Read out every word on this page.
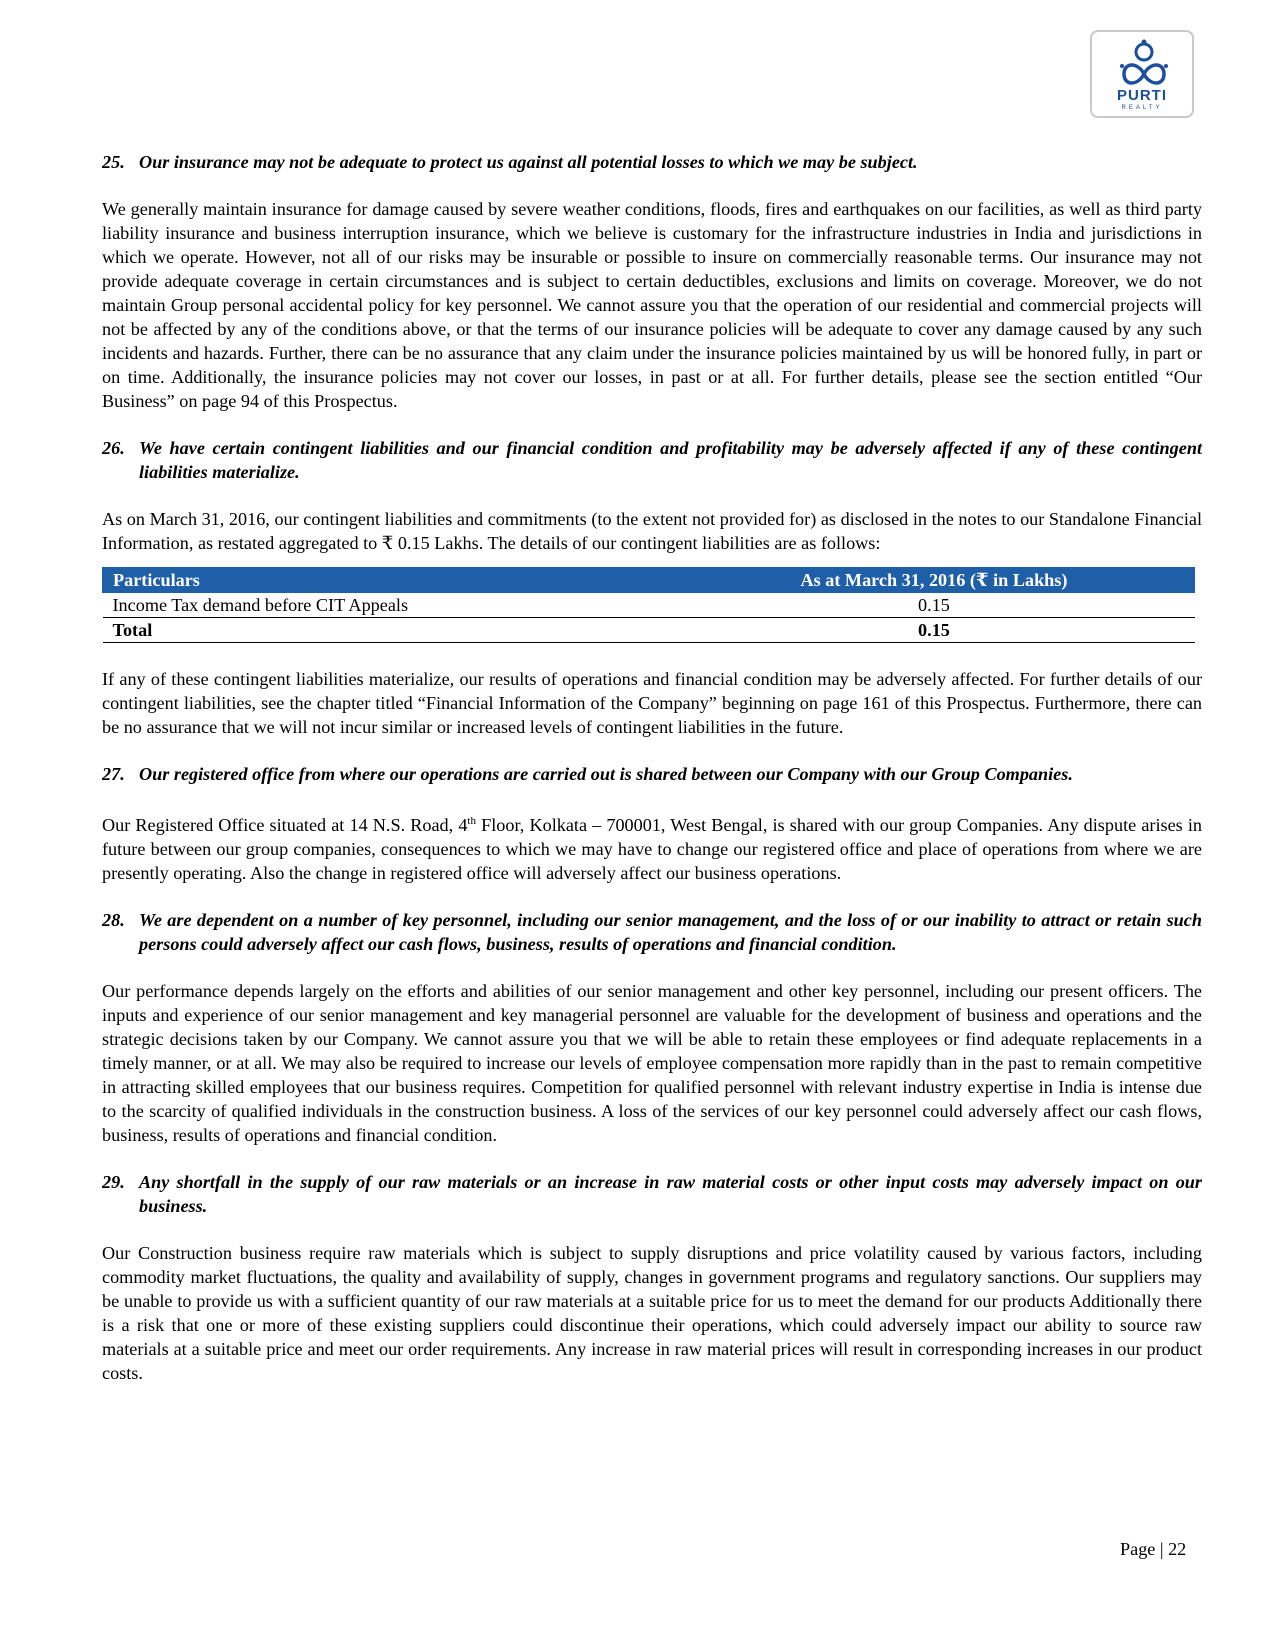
PURTI
REALTY
25. Our insurance may not be adequate to protect us against all potential losses to which we may be subject.

We generally maintain insurance for damage caused by severe weather conditions, floods, fires and earthquakes on our facilities, as well as third party liability insurance and business interruption insurance, which we believe is customary for the infrastructure industries in India and jurisdictions in which we operate. However, not all of our risks may be insurable or possible to insure on commercially reasonable terms. Our insurance may not provide adequate coverage in certain circumstances and is subject to certain deductibles, exclusions and limits on coverage. Moreover, we do not maintain Group personal accidental policy for key personnel. We cannot assure you that the operation of our residential and commercial projects will not be affected by any of the conditions above, or that the terms of our insurance policies will be adequate to cover any damage caused by any such incidents and hazards. Further, there can be no assurance that any claim under the insurance policies maintained by us will be honored fully, in part or on time. Additionally, the insurance policies may not cover our losses, in past or at all. For further details, please see the section entitled “Our Business” on page 94 of this Prospectus.

26. We have certain contingent liabilities and our financial condition and profitability may be adversely affected if any of these contingent liabilities materialize.

As on March 31, 2016, our contingent liabilities and commitments (to the extent not provided for) as disclosed in the notes to our Standalone Financial Information, as restated aggregated to ₹ 0.15 Lakhs. The details of our contingent liabilities are as follows:

Particulars	As at March 31, 2016 (₹ in Lakhs)
Income Tax demand before CIT Appeals	0.15
Total	0.15

If any of these contingent liabilities materialize, our results of operations and financial condition may be adversely affected. For further details of our contingent liabilities, see the chapter titled “Financial Information of the Company” beginning on page 161 of this Prospectus. Furthermore, there can be no assurance that we will not incur similar or increased levels of contingent liabilities in the future.

27. Our registered office from where our operations are carried out is shared between our Company with our Group Companies.

Our Registered Office situated at 14 N.S. Road, 4th Floor, Kolkata – 700001, West Bengal, is shared with our group Companies. Any dispute arises in future between our group companies, consequences to which we may have to change our registered office and place of operations from where we are presently operating. Also the change in registered office will adversely affect our business operations.

28. We are dependent on a number of key personnel, including our senior management, and the loss of or our inability to attract or retain such persons could adversely affect our cash flows, business, results of operations and financial condition.

Our performance depends largely on the efforts and abilities of our senior management and other key personnel, including our present officers. The inputs and experience of our senior management and key managerial personnel are valuable for the development of business and operations and the strategic decisions taken by our Company. We cannot assure you that we will be able to retain these employees or find adequate replacements in a timely manner, or at all. We may also be required to increase our levels of employee compensation more rapidly than in the past to remain competitive in attracting skilled employees that our business requires. Competition for qualified personnel with relevant industry expertise in India is intense due to the scarcity of qualified individuals in the construction business. A loss of the services of our key personnel could adversely affect our cash flows, business, results of operations and financial condition.

29. Any shortfall in the supply of our raw materials or an increase in raw material costs or other input costs may adversely impact on our business.

Our Construction business require raw materials which is subject to supply disruptions and price volatility caused by various factors, including commodity market fluctuations, the quality and availability of supply, changes in government programs and regulatory sanctions. Our suppliers may be unable to provide us with a sufficient quantity of our raw materials at a suitable price for us to meet the demand for our products Additionally there is a risk that one or more of these existing suppliers could discontinue their operations, which could adversely impact our ability to source raw materials at a suitable price and meet our order requirements. Any increase in raw material prices will result in corresponding increases in our product costs.

Page | 22
